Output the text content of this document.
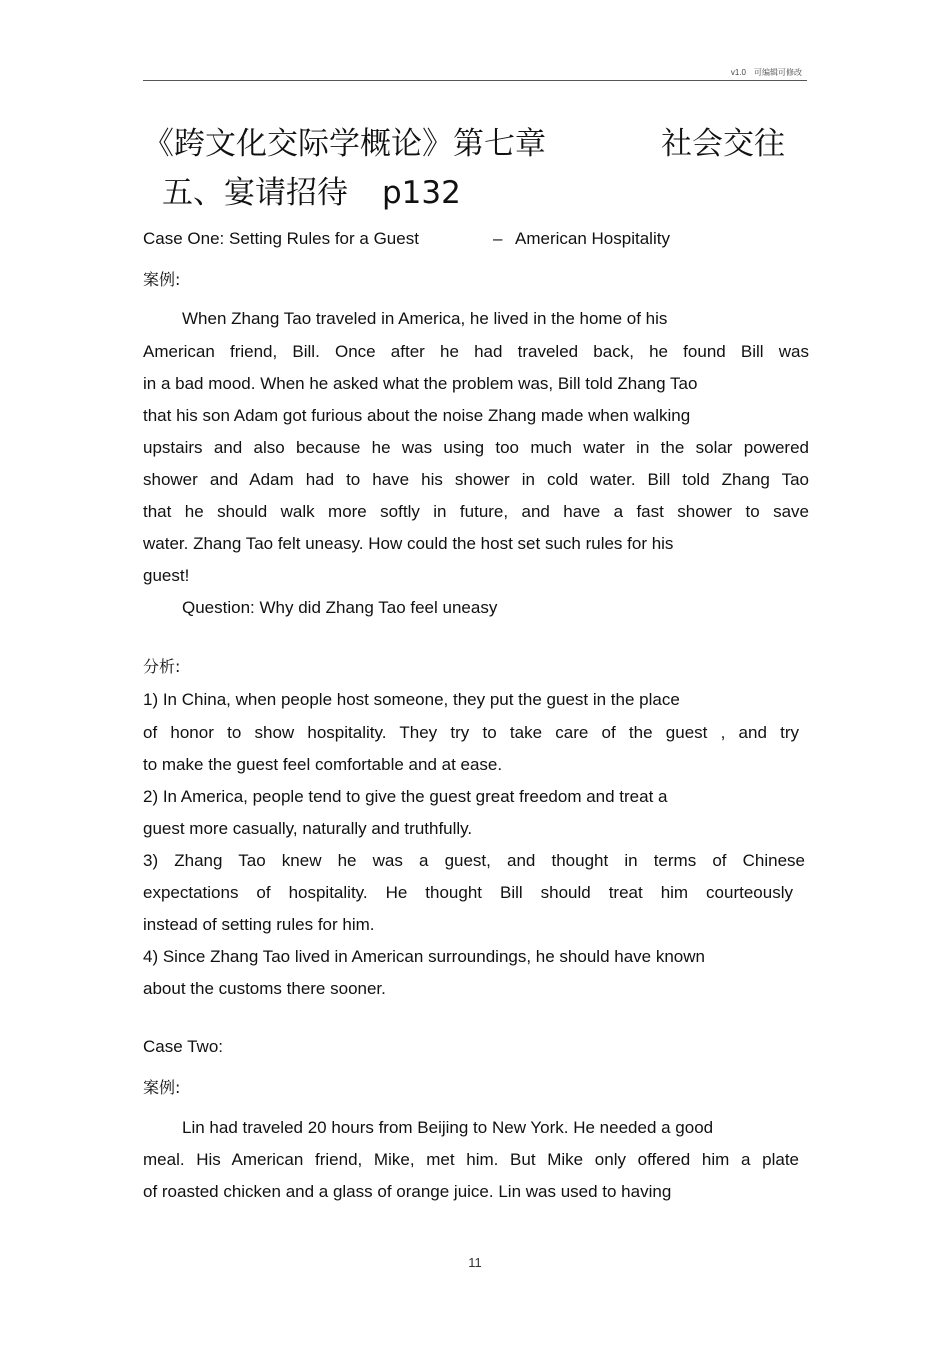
v1.0　可编辑可修改
《跨文化交际学概论》第七章	社会交往
五、宴请招待 p132
Case One: Setting Rules for a Guest	– American Hospitality
案例:
When Zhang Tao traveled in America, he lived in the home of his
American friend, Bill. Once after he had traveled back, he found Bill was
in a bad mood. When he asked what the problem was, Bill told Zhang Tao
that his son Adam got furious about the noise Zhang made when walking
upstairs and also because he was using too much water in the solar powered
shower and Adam had to have his shower in cold water. Bill told Zhang Tao
that he should walk more softly in future, and have a fast shower to save
water. Zhang Tao felt uneasy. How could the host set such rules for his
guest!
Question: Why did Zhang Tao feel uneasy
分析:
1) In China, when people host someone, they put the guest in the place
of honor to show hospitality. They try to take care of the guest , and try
to make the guest feel comfortable and at ease.
2) In America, people tend to give the guest great freedom and treat a
guest more casually, naturally and truthfully.
3) Zhang Tao knew he was a guest, and thought in terms of Chinese
expectations of hospitality. He thought Bill should treat him courteously
instead of setting rules for him.
4) Since Zhang Tao lived in American surroundings, he should have known
about the customs there sooner.
Case Two:
案例:
Lin had traveled 20 hours from Beijing to New York. He needed a good
meal. His American friend, Mike, met him. But Mike only offered him a plate
of roasted chicken and a glass of orange juice. Lin was used to having
11
